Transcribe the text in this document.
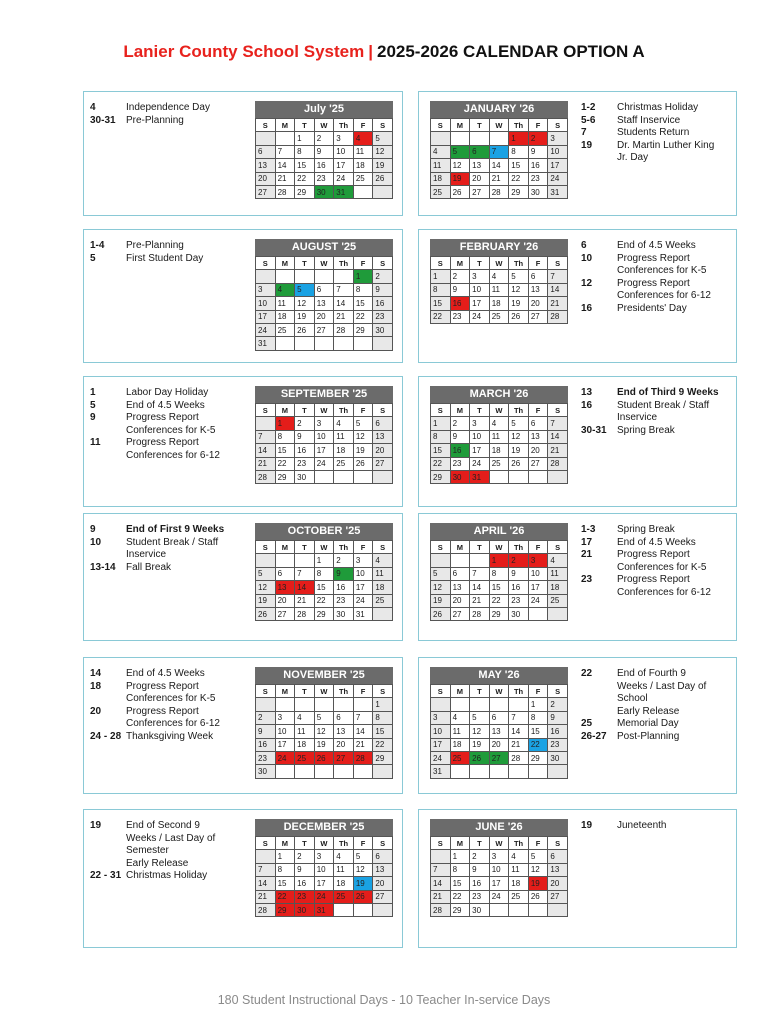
Lanier County School System | 2025-2026 CALENDAR OPTION A
4	Independence Day
30-31	Pre-Planning
July '25
S	M	T	W	Th	F	S
		1	2	3	4	5
6	7	8	9	10	11	12
13	14	15	16	17	18	19
20	21	22	23	24	25	26
27	28	29	30	31		
JANUARY '26
S	M	T	W	Th	F	S
				1	2	3
4	5	6	7	8	9	10
11	12	13	14	15	16	17
18	19	20	21	22	23	24
25	26	27	28	29	30	31
1-2	Christmas Holiday
5-6	Staff Inservice
7	Students Return
19	Dr. Martin Luther King
Jr. Day
1-4	Pre-Planning
5	First Student Day
AUGUST '25
S	M	T	W	Th	F	S
					1	2
3	4	5	6	7	8	9
10	11	12	13	14	15	16
17	18	19	20	21	22	23
24	25	26	27	28	29	30
31						
FEBRUARY '26
S	M	T	W	Th	F	S
1	2	3	4	5	6	7
8	9	10	11	12	13	14
15	16	17	18	19	20	21
22	23	24	25	26	27	28
6	End of 4.5 Weeks
10	Progress Report
Conferences for K-5
12	Progress Report
Conferences for 6-12
16	Presidents' Day
1	Labor Day Holiday
5	End of 4.5 Weeks
9	Progress Report
Conferences for K-5
11	Progress Report
Conferences for 6-12
SEPTEMBER '25
S	M	T	W	Th	F	S
	1	2	3	4	5	6
7	8	9	10	11	12	13
14	15	16	17	18	19	20
21	22	23	24	25	26	27
28	29	30				
MARCH '26
S	M	T	W	Th	F	S
1	2	3	4	5	6	7
8	9	10	11	12	13	14
15	16	17	18	19	20	21
22	23	24	25	26	27	28
29	30	31				
13	End of Third 9 Weeks
16	Student Break / Staff
Inservice
30-31	Spring Break
9	End of First 9 Weeks
10	Student Break / Staff
Inservice
13-14	Fall Break
OCTOBER '25
S	M	T	W	Th	F	S
			1	2	3	4
5	6	7	8	9	10	11
12	13	14	15	16	17	18
19	20	21	22	23	24	25
26	27	28	29	30	31	
APRIL '26
S	M	T	W	Th	F	S
			1	2	3	4
5	6	7	8	9	10	11
12	13	14	15	16	17	18
19	20	21	22	23	24	25
26	27	28	29	30		
1-3	Spring Break
17	End of 4.5 Weeks
21	Progress Report
Conferences for K-5
23	Progress Report
Conferences for 6-12
14	End of 4.5 Weeks
18	Progress Report
Conferences for K-5
20	Progress Report
Conferences for 6-12
24 - 28 Thanksgiving Week
NOVEMBER '25
S	M	T	W	Th	F	S
						1
2	3	4	5	6	7	8
9	10	11	12	13	14	15
16	17	18	19	20	21	22
23	24	25	26	27	28	29
30						
MAY '26
S	M	T	W	Th	F	S
					1	2
3	4	5	6	7	8	9
10	11	12	13	14	15	16
17	18	19	20	21	22	23
24	25	26	27	28	29	30
31						
22	End of Fourth 9
Weeks / Last Day of
School
Early Release
25	Memorial Day
26-27	Post-Planning
19	End of Second 9
Weeks / Last Day of
Semester
Early Release
22 - 31 Christmas Holiday
DECEMBER '25
S	M	T	W	Th	F	S
	1	2	3	4	5	6
7	8	9	10	11	12	13
14	15	16	17	18	19	20
21	22	23	24	25	26	27
28	29	30	31			
JUNE '26
S	M	T	W	Th	F	S
	1	2	3	4	5	6
7	8	9	10	11	12	13
14	15	16	17	18	19	20
21	22	23	24	25	26	27
28	29	30				
19	Juneteenth
180 Student Instructional Days - 10 Teacher In-service Days
